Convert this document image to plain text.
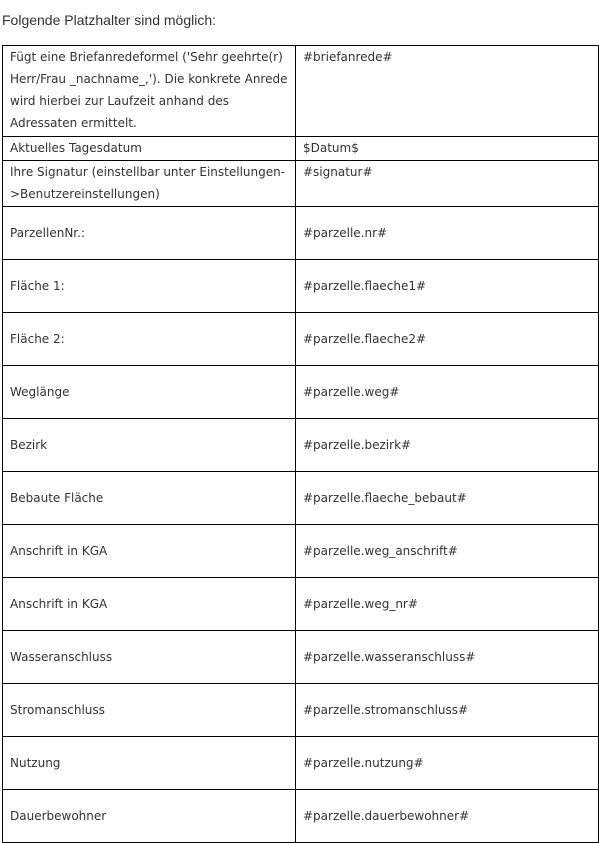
Folgende Platzhalter sind möglich:
Fügt eine Briefanredeformel ('Sehr geehrte(r) Herr/Frau _nachname_,'). Die konkrete Anrede wird hierbei zur Laufzeit anhand des Adressaten ermittelt.	#briefanrede#
Aktuelles Tagesdatum	$Datum$
Ihre Signatur (einstellbar unter Einstellungen->Benutzereinstellungen)	#signatur#
ParzellenNr.:	#parzelle.nr#
Fläche 1:	#parzelle.flaeche1#
Fläche 2:	#parzelle.flaeche2#
Weglänge	#parzelle.weg#
Bezirk	#parzelle.bezirk#
Bebaute Fläche	#parzelle.flaeche_bebaut#
Anschrift in KGA	#parzelle.weg_anschrift#
Anschrift in KGA	#parzelle.weg_nr#
Wasseranschluss	#parzelle.wasseranschluss#
Stromanschluss	#parzelle.stromanschluss#
Nutzung	#parzelle.nutzung#
Dauerbewohner	#parzelle.dauerbewohner#
